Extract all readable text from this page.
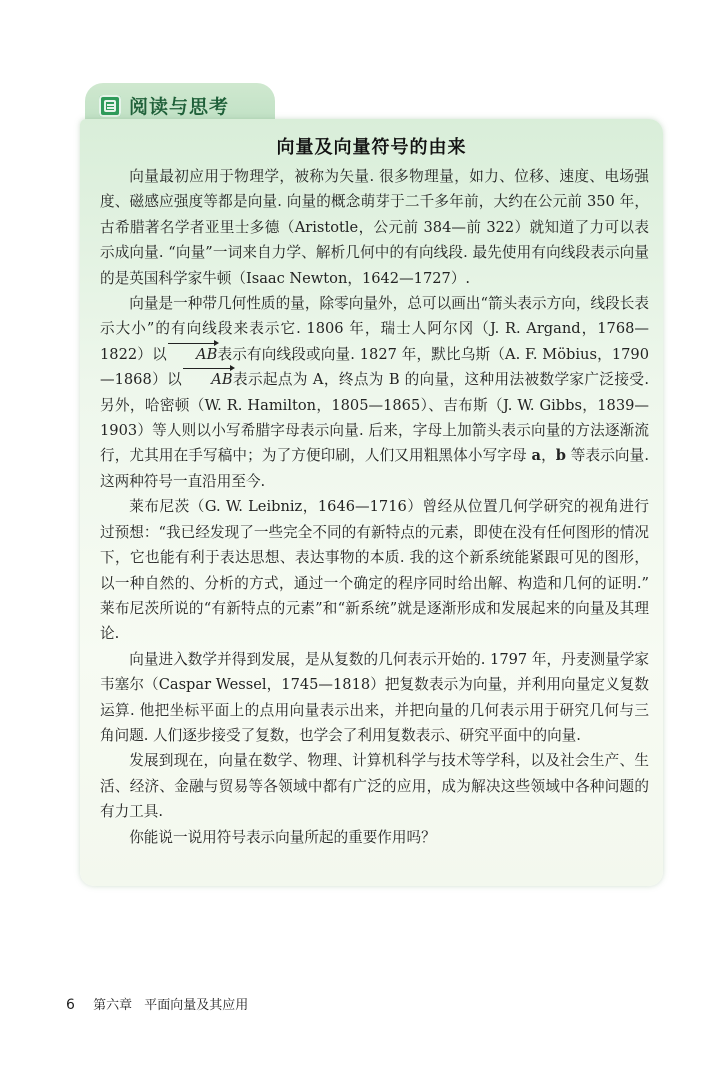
阅读与思考
向量及向量符号的由来

向量最初应用于物理学，被称为矢量. 很多物理量，如力、位移、速度、电场强度、磁感应强度等都是向量. 向量的概念萌芽于二千多年前，大约在公元前 350 年，古希腊著名学者亚里士多德（Aristotle，公元前 384—前 322）就知道了力可以表示成向量. “向量”一词来自力学、解析几何中的有向线段. 最先使用有向线段表示向量的是英国科学家牛顿（Isaac Newton，1642—1727）.

向量是一种带几何性质的量，除零向量外，总可以画出“箭头表示方向，线段长表示大小”的有向线段来表示它. 1806 年，瑞士人阿尔冈（J. R. Argand，1768—1822）以 AB表示有向线段或向量. 1827 年，默比乌斯（A. F. Möbius，1790—1868）以 AB表示起点为 A，终点为 B 的向量，这种用法被数学家广泛接受. 另外，哈密顿（W. R. Hamilton，1805—1865）、吉布斯（J. W. Gibbs，1839—1903）等人则以小写希腊字母表示向量. 后来，字母上加箭头表示向量的方法逐渐流行，尤其用在手写稿中；为了方便印刷，人们又用粗黑体小写字母 a，b 等表示向量. 这两种符号一直沿用至今.

莱布尼茨（G. W. Leibniz，1646—1716）曾经从位置几何学研究的视角进行过预想：“我已经发现了一些完全不同的有新特点的元素，即使在没有任何图形的情况下，它也能有利于表达思想、表达事物的本质. 我的这个新系统能紧跟可见的图形，以一种自然的、分析的方式，通过一个确定的程序同时给出解、构造和几何的证明.” 莱布尼茨所说的“有新特点的元素”和“新系统”就是逐渐形成和发展起来的向量及其理论.

向量进入数学并得到发展，是从复数的几何表示开始的. 1797 年，丹麦测量学家韦塞尔（Caspar Wessel，1745—1818）把复数表示为向量，并利用向量定义复数运算. 他把坐标平面上的点用向量表示出来，并把向量的几何表示用于研究几何与三角问题. 人们逐步接受了复数，也学会了利用复数表示、研究平面中的向量.

发展到现在，向量在数学、物理、计算机科学与技术等学科，以及社会生产、生活、经济、金融与贸易等各领域中都有广泛的应用，成为解决这些领域中各种问题的有力工具.

你能说一说用符号表示向量所起的重要作用吗？

6 第六章 平面向量及其应用
